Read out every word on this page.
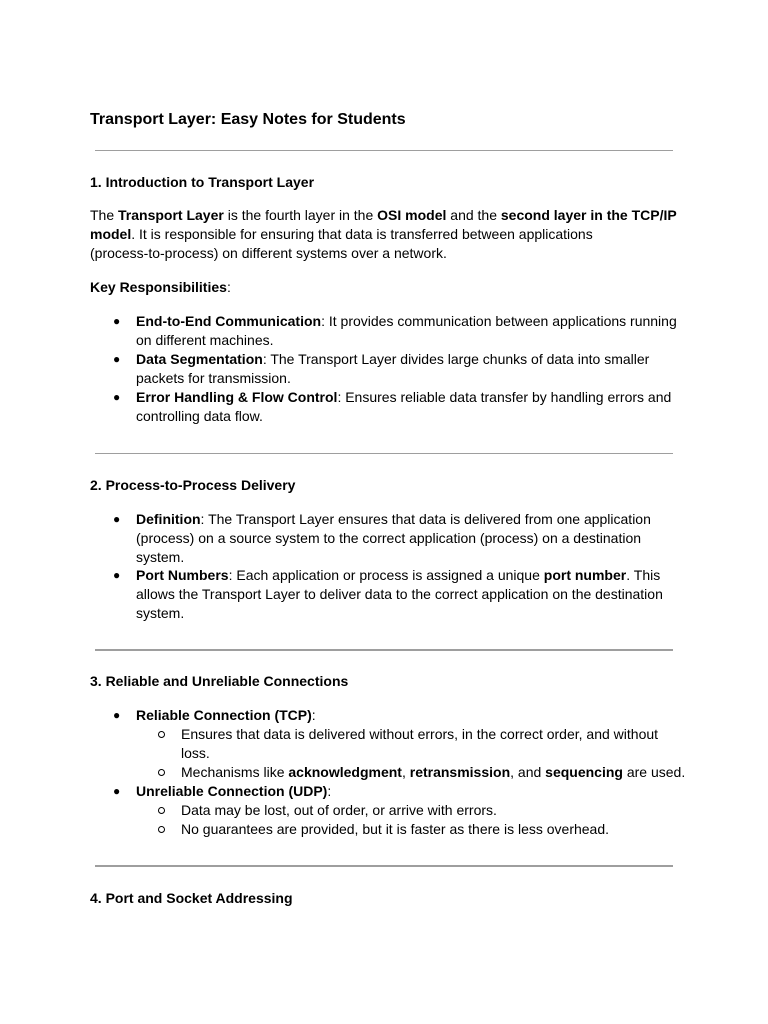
Transport Layer: Easy Notes for Students
1. Introduction to Transport Layer
The Transport Layer is the fourth layer in the OSI model and the second layer in the TCP/IP
model. It is responsible for ensuring that data is transferred between applications
(process-to-process) on different systems over a network.
Key Responsibilities:
● End-to-End Communication: It provides communication between applications running
on different machines.
● Data Segmentation: The Transport Layer divides large chunks of data into smaller
packets for transmission.
● Error Handling & Flow Control: Ensures reliable data transfer by handling errors and
controlling data flow.
2. Process-to-Process Delivery
● Definition: The Transport Layer ensures that data is delivered from one application
(process) on a source system to the correct application (process) on a destination
system.
● Port Numbers: Each application or process is assigned a unique port number. This
allows the Transport Layer to deliver data to the correct application on the destination
system.
3. Reliable and Unreliable Connections
● Reliable Connection (TCP):
Ensures that data is delivered without errors, in the correct order, and without
loss.
Mechanisms like acknowledgment, retransmission, and sequencing are used.
● Unreliable Connection (UDP):
Data may be lost, out of order, or arrive with errors.
No guarantees are provided, but it is faster as there is less overhead.
4. Port and Socket Addressing
